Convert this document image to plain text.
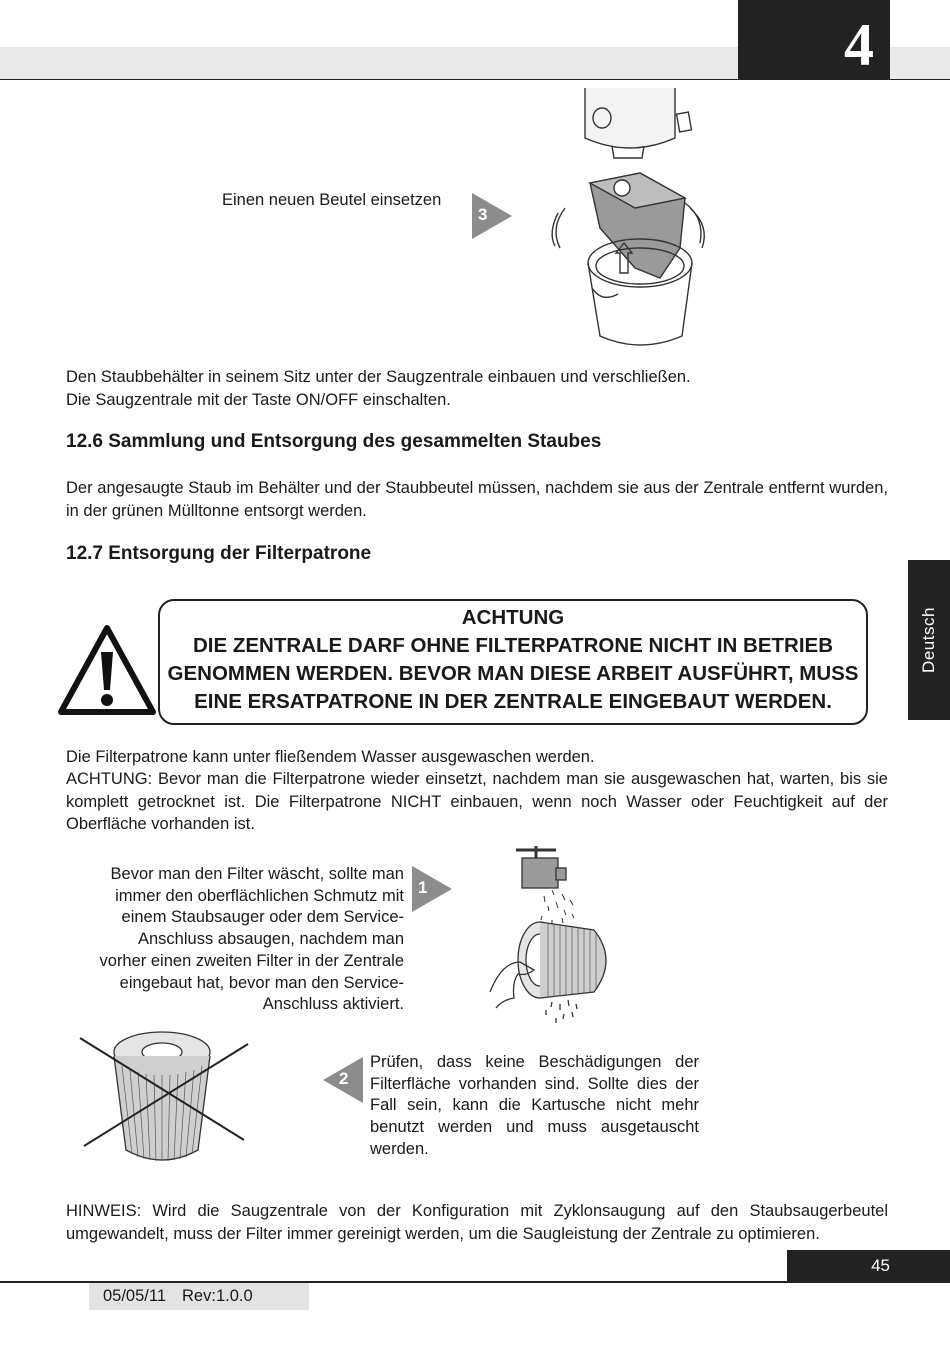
4
Deutsch
Einen neuen Beutel einsetzen
3
Den Staubbehälter in seinem Sitz unter der Saugzentrale einbauen und verschließen.
Die Saugzentrale mit der Taste ON/OFF einschalten.
12.6 Sammlung und Entsorgung des gesammelten Staubes
Der angesaugte Staub im Behälter und der Staubbeutel müssen, nachdem sie aus der Zentrale entfernt wurden, in der grünen Mülltonne entsorgt werden.
12.7 Entsorgung der Filterpatrone
ACHTUNG
DIE ZENTRALE DARF OHNE FILTERPATRONE NICHT IN BETRIEB
GENOMMEN WERDEN. BEVOR MAN DIESE ARBEIT AUSFÜHRT, MUSS
EINE ERSATPATRONE IN DER ZENTRALE EINGEBAUT WERDEN.
Die Filterpatrone kann unter fließendem Wasser ausgewaschen werden.
ACHTUNG: Bevor man die Filterpatrone wieder einsetzt, nachdem man sie ausgewaschen hat, warten, bis sie komplett getrocknet ist. Die Filterpatrone NICHT einbauen, wenn noch Wasser oder Feuchtigkeit auf der Oberfläche vorhanden ist.
Bevor man den Filter wäscht, sollte man
immer den oberflächlichen Schmutz mit
einem Staubsauger oder dem Service-
Anschluss absaugen, nachdem man
vorher einen zweiten Filter in der Zentrale
eingebaut hat, bevor man den Service-
Anschluss aktiviert.
1
2
Prüfen, dass keine Beschädigungen der Filterfläche vorhanden sind. Sollte dies der Fall sein, kann die Kartusche nicht mehr benutzt werden und muss ausgetauscht werden.
HINWEIS: Wird die Saugzentrale von der Konfiguration mit Zyklonsaugung auf den Staubsaugerbeutel umgewandelt, muss der Filter immer gereinigt werden, um die Saugleistung der Zentrale zu optimieren.
45
05/05/11 Rev:1.0.0
